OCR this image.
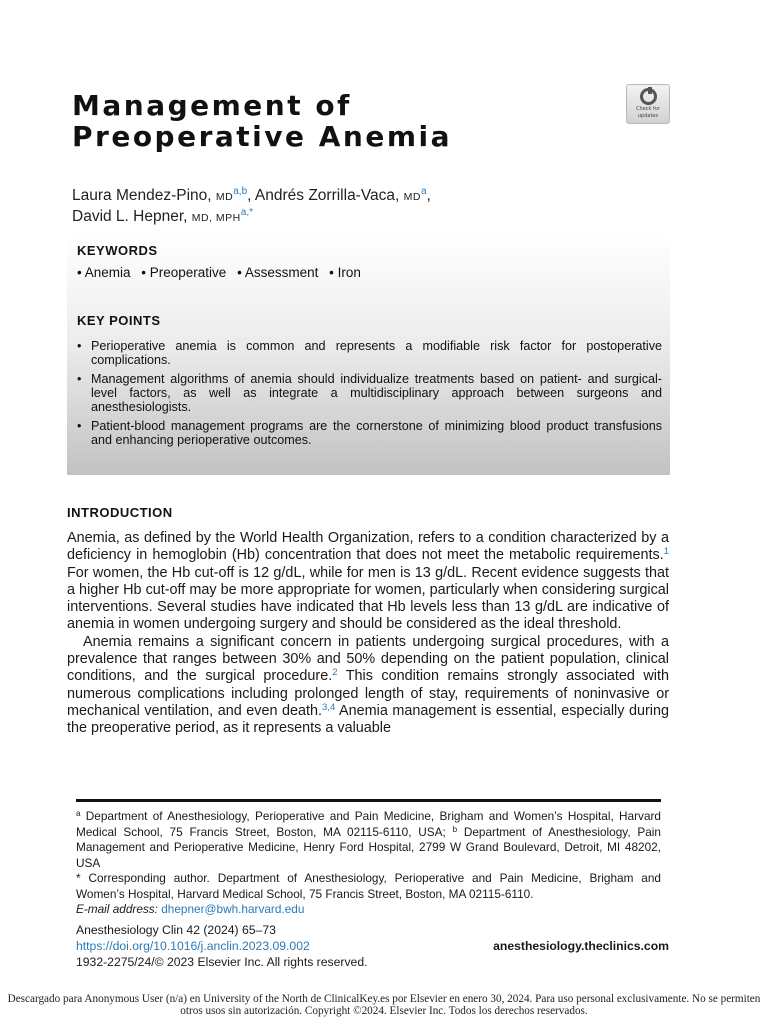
Management of
Preoperative Anemia
Check for
updates
Laura Mendez-Pino, MD$^{a,b}$, Andrés Zorrilla-Vaca, $MD^a$,
David L. Hepner, MD, $MPH^{a,*}$
KEYWORDS
• Anemia • Preoperative • Assessment • Iron
KEY POINTS
• Perioperative anemia is common and represents a modifiable risk factor for postoperative complications.
• Management algorithms of anemia should individualize treatments based on patient- and surgical-level factors, as well as integrate a multidisciplinary approach between surgeons and anesthesiologists.
• Patient-blood management programs are the cornerstone of minimizing blood product transfusions and enhancing perioperative outcomes.
INTRODUCTION

Anemia, as defined by the World Health Organization, refers to a condition characterized by a deficiency in hemoglobin (Hb) concentration that does not meet the metabolic requirements.$^1$ For women, the Hb cut-off is 12 g/dL, while for men is 13 g/dL. Recent evidence suggests that a higher Hb cut-off may be more appropriate for women, particularly when considering surgical interventions. Several studies have indicated that Hb levels less than 13 g/dL are indicative of anemia in women undergoing surgery and should be considered as the ideal threshold.

Anemia remains a significant concern in patients undergoing surgical procedures, with a prevalence that ranges between 30% and 50% depending on the patient population, clinical conditions, and the surgical procedure.$^2$ This condition remains strongly associated with numerous complications including prolonged length of stay, requirements of noninvasive or mechanical ventilation, and even death.$^{3,4}$ Anemia management is essential, especially during the preoperative period, as it represents a valuable

$^a$ Department of Anesthesiology, Perioperative and Pain Medicine, Brigham and Women’s Hospital, Harvard Medical School, 75 Francis Street, Boston, MA 02115-6110, USA; $^b$ Department of Anesthesiology, Pain Management and Perioperative Medicine, Henry Ford Hospital, 2799 W Grand Boulevard, Detroit, MI 48202, USA

* Corresponding author. Department of Anesthesiology, Perioperative and Pain Medicine, Brigham and Women’s Hospital, Harvard Medical School, 75 Francis Street, Boston, MA 02115-6110.

E-mail address: dhepner@bwh.harvard.edu

Anesthesiology Clin 42 (2024) 65–73
https://doi.org/10.1016/j.anclin.2023.09.002
1932-2275/24/© 2023 Elsevier Inc. All rights reserved.
anesthesiology.theclinics.com
Descargado para Anonymous User (n/a) en University of the North de ClinicalKey.es por Elsevier en enero 30, 2024. Para uso personal exclusivamente. No se permiten otros usos sin autorización. Copyright ©2024. Elsevier Inc. Todos los derechos reservados.
